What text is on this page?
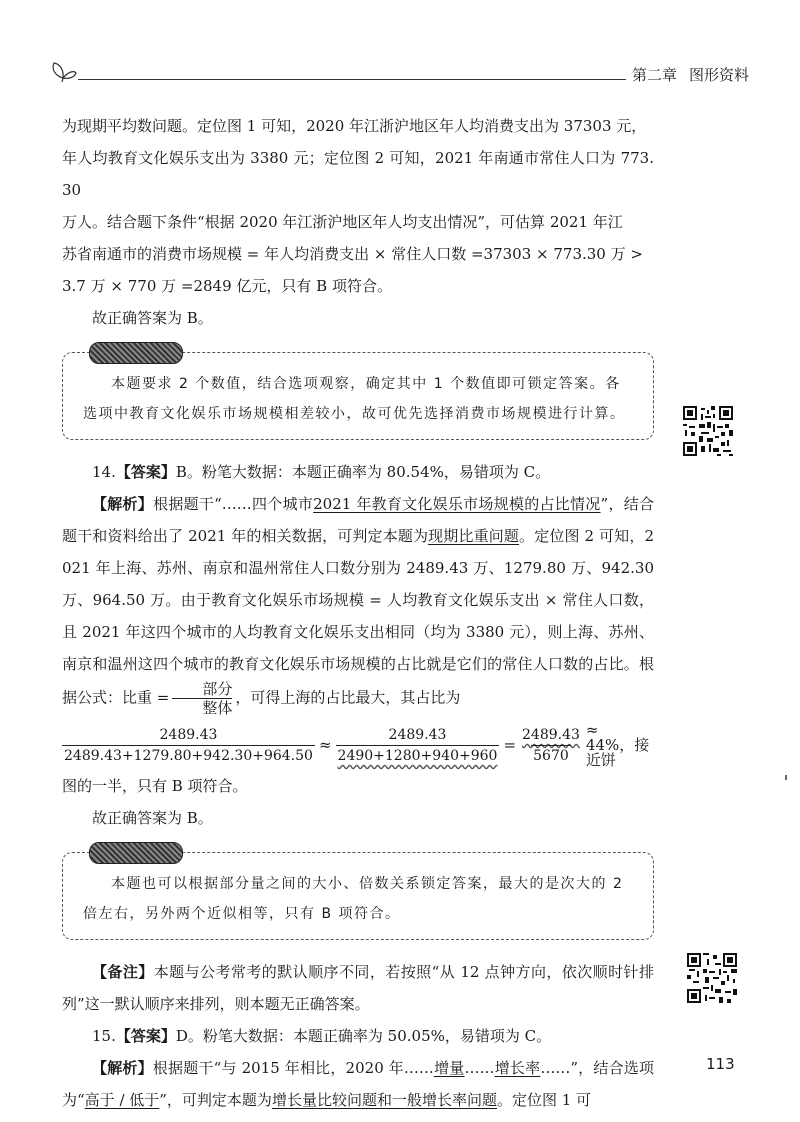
第二章 图形资料

为现期平均数问题。定位图 1 可知，2020 年江浙沪地区年人均消费支出为 37303 元，

年人均教育文化娱乐支出为 3380 元；定位图 2 可知，2021 年南通市常住人口为 773.30

万人。结合题下条件“根据 2020 年江浙沪地区年人均支出情况”，可估算 2021 年江

苏省南通市的消费市场规模 = 年人均消费支出 × 常住人口数 =37303 × 773.30 万 >

3.7 万 × 770 万 =2849 亿元，只有 B 项符合。

故正确答案为 B。

本题要求 2 个数值，结合选项观察，确定其中 1 个数值即可锁定答案。各选项中教育文化娱乐市场规模相差较小，故可优先选择消费市场规模进行计算。

14.【答案】B。粉笔大数据：本题正确率为 80.54%，易错项为 C。

【解析】根据题干“……四个城市2021 年教育文化娱乐市场规模的占比情况”，结合题干和资料给出了 2021 年的相关数据，可判定本题为现期比重问题。定位图 2 可知，2021 年上海、苏州、南京和温州常住人口数分别为 2489.43 万、1279.80 万、942.30 万、964.50 万。由于教育文化娱乐市场规模 = 人均教育文化娱乐支出 × 常住人口数，且 2021 年这四个城市的人均教育文化娱乐支出相同（均为 3380 元），则上海、苏州、南京和温州这四个城市的教育文化娱乐市场规模的占比就是它们的常住人口数的占比。根据公式：比重 = $\frac{\text{部分}}{\text{整体}}$ ，可得上海的占比最大，其占比为

$\frac{2489.43}{2489.43+1279.80+942.30+964.50} \approx \frac{2489.43}{2490+1280+940+960} = \frac{2489.43}{5670} \approx 44\%$，接近饼

图的一半，只有 B 项符合。

故正确答案为 B。

本题也可以根据部分量之间的大小、倍数关系锁定答案，最大的是次大的 2 倍左右，另外两个近似相等，只有 B 项符合。

【备注】本题与公考常考的默认顺序不同，若按照“从 12 点钟方向，依次顺时针排列”这一默认顺序来排列，则本题无正确答案。

15.【答案】D。粉笔大数据：本题正确率为 50.05%，易错项为 C。

【解析】根据题干“与 2015 年相比，2020 年……增量……增长率……”，结合选项为“高于 / 低于”，可判定本题为增长量比较问题和一般增长率问题。定位图 1 可

113
